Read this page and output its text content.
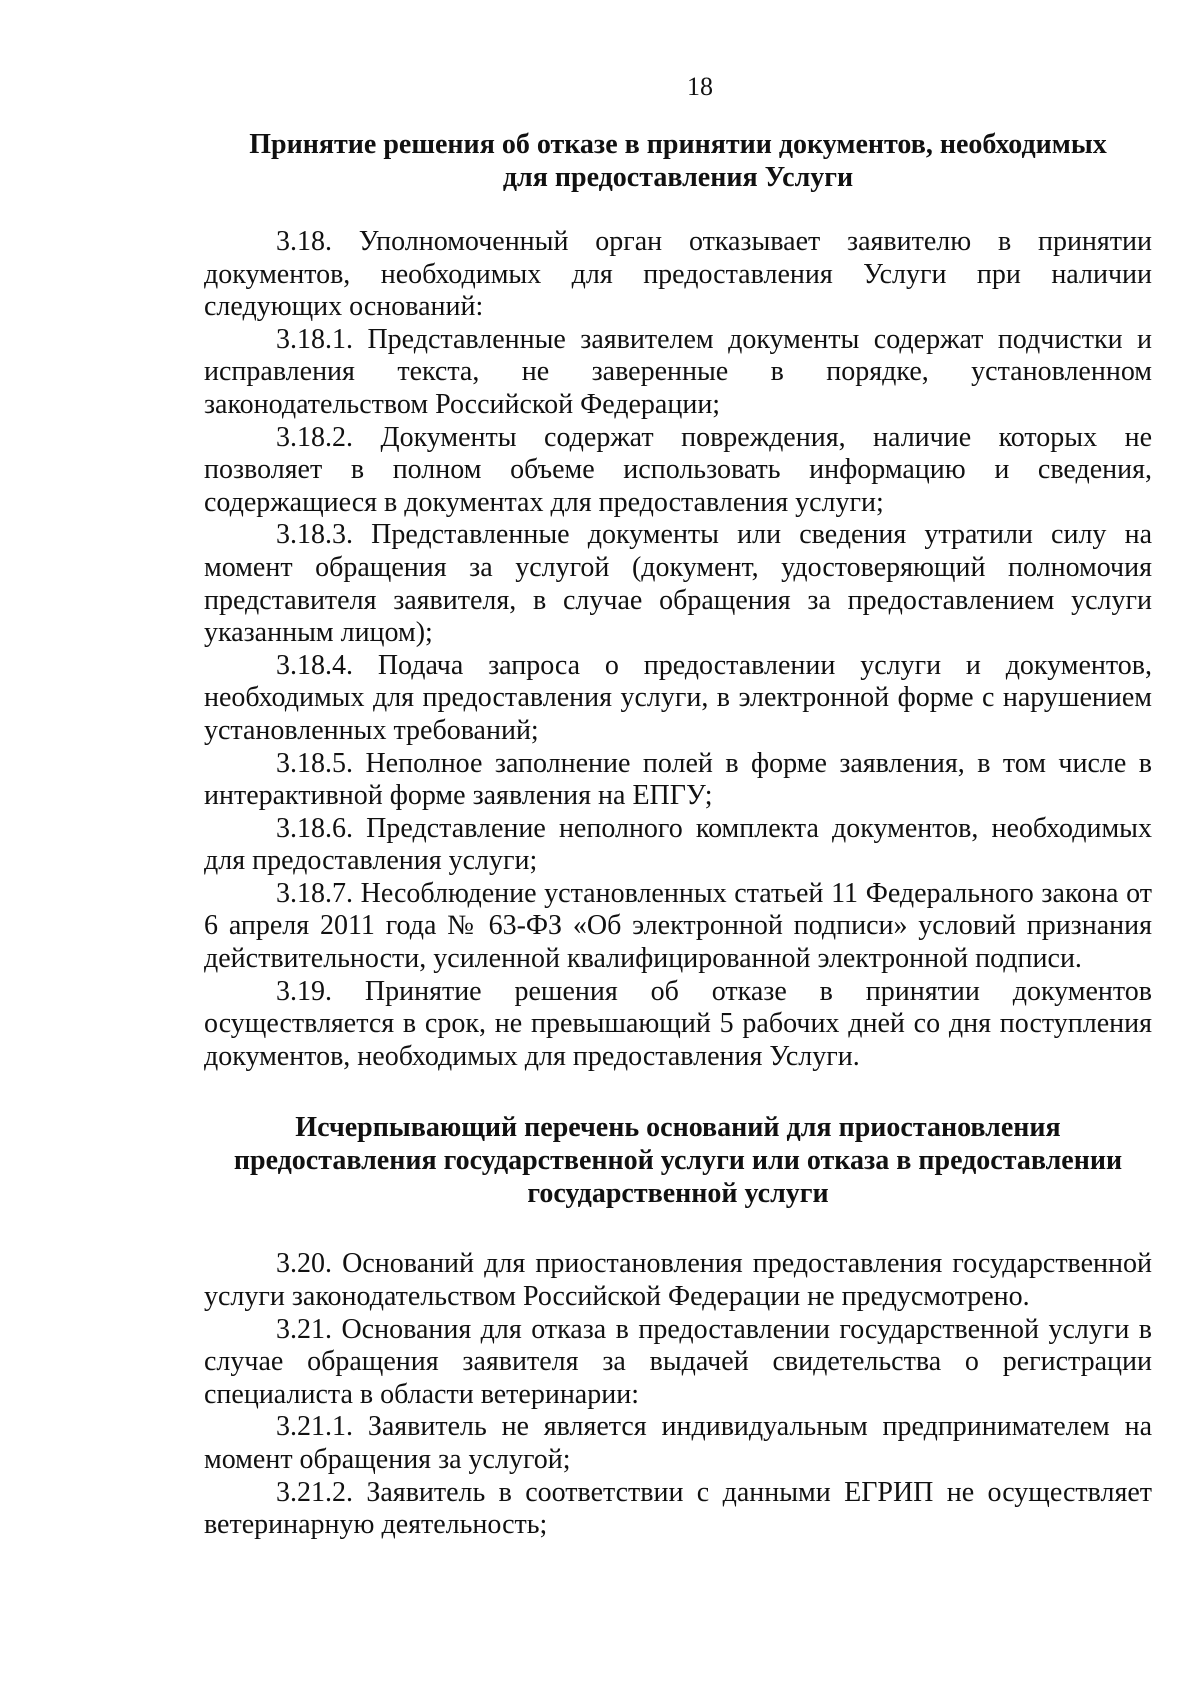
18
Принятие решения об отказе в принятии документов, необходимых
для предоставления Услуги

3.18. Уполномоченный орган отказывает заявителю в принятии документов, необходимых для предоставления Услуги при наличии следующих оснований:

3.18.1. Представленные заявителем документы содержат подчистки и исправления текста, не заверенные в порядке, установленном законодательством Российской Федерации;

3.18.2. Документы содержат повреждения, наличие которых не позволяет в полном объеме использовать информацию и сведения, содержащиеся в документах для предоставления услуги;

3.18.3. Представленные документы или сведения утратили силу на момент обращения за услугой (документ, удостоверяющий полномочия представителя заявителя, в случае обращения за предоставлением услуги указанным лицом);

3.18.4. Подача запроса о предоставлении услуги и документов, необходимых для предоставления услуги, в электронной форме с нарушением установленных требований;

3.18.5. Неполное заполнение полей в форме заявления, в том числе в интерактивной форме заявления на ЕПГУ;

3.18.6. Представление неполного комплекта документов, необходимых для предоставления услуги;

3.18.7. Несоблюдение установленных статьей 11 Федерального закона от 6 апреля 2011 года № 63-ФЗ «Об электронной подписи» условий признания действительности, усиленной квалифицированной электронной подписи.

3.19. Принятие решения об отказе в принятии документов осуществляется в срок, не превышающий 5 рабочих дней со дня поступления документов, необходимых для предоставления Услуги.

Исчерпывающий перечень оснований для приостановления
предоставления государственной услуги или отказа в предоставлении
государственной услуги

3.20. Оснований для приостановления предоставления государственной услуги законодательством Российской Федерации не предусмотрено.

3.21. Основания для отказа в предоставлении государственной услуги в случае обращения заявителя за выдачей свидетельства о регистрации специалиста в области ветеринарии:

3.21.1. Заявитель не является индивидуальным предпринимателем на момент обращения за услугой;

3.21.2. Заявитель в соответствии с данными ЕГРИП не осуществляет ветеринарную деятельность;
